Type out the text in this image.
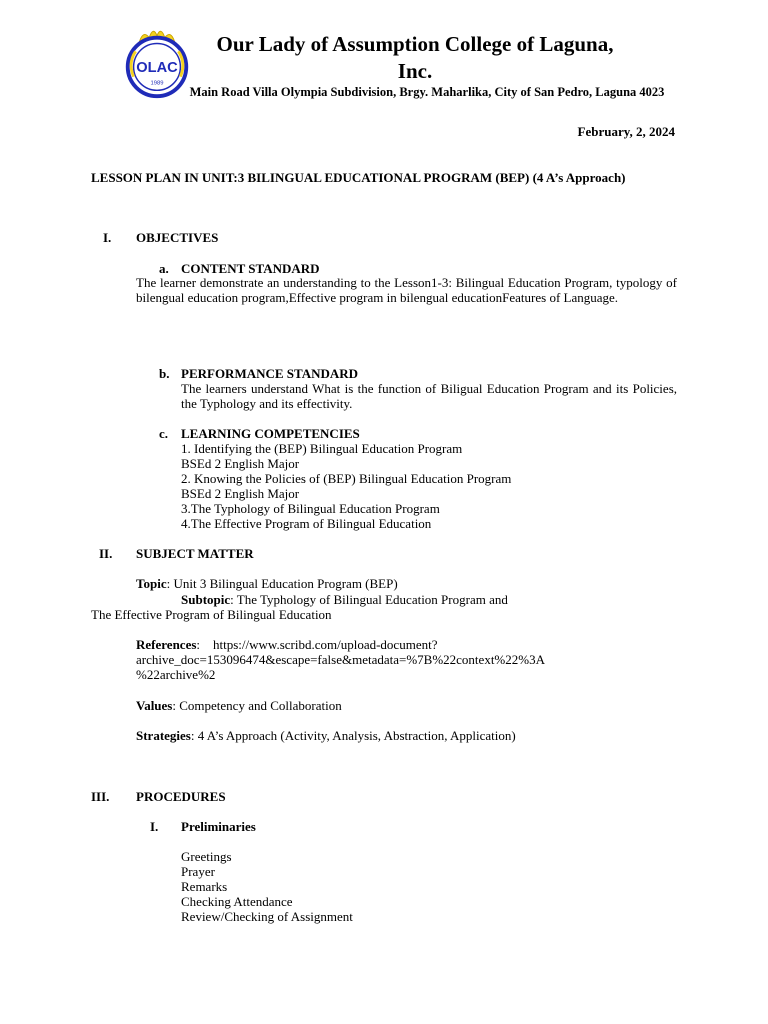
OLAC
1989
Our Lady of Assumption College of Laguna, Inc.
Main Road Villa Olympia Subdivision, Brgy. Maharlika, City of San Pedro, Laguna 4023
February, 2, 2024
LESSON PLAN IN UNIT:3 BILINGUAL EDUCATIONAL PROGRAM (BEP) (4 A’s Approach)
I. OBJECTIVES
a. CONTENT STANDARD
The learner demonstrate an understanding to the Lesson1-3: Bilingual Education Program, typology of bilengual education program,Effective program in bilengual educationFeatures of Language.
b. PERFORMANCE STANDARD
The learners understand What is the function of Biligual Education Program and its Policies, the Typhology and its effectivity.
c. LEARNING COMPETENCIES
1. Identifying the (BEP) Bilingual Education Program
BSEd 2 English Major
2. Knowing the Policies of (BEP) Bilingual Education Program
BSEd 2 English Major
3.The Typhology of Bilingual Education Program
4.The Effective Program of Bilingual Education
II. SUBJECT MATTER
Topic: Unit 3 Bilingual Education Program (BEP)
Subtopic: The Typhology of Bilingual Education Program and
The Effective Program of Bilingual Education
References:    https://www.scribd.com/upload-document?
archive_doc=153096474&escape=false&metadata=%7B%22context%22%3A
%22archive%2
Values: Competency and Collaboration
Strategies: 4 A’s Approach (Activity, Analysis, Abstraction, Application)
III. PROCEDURES
I. Preliminaries
Greetings
Prayer
Remarks
Checking Attendance
Review/Checking of Assignment
